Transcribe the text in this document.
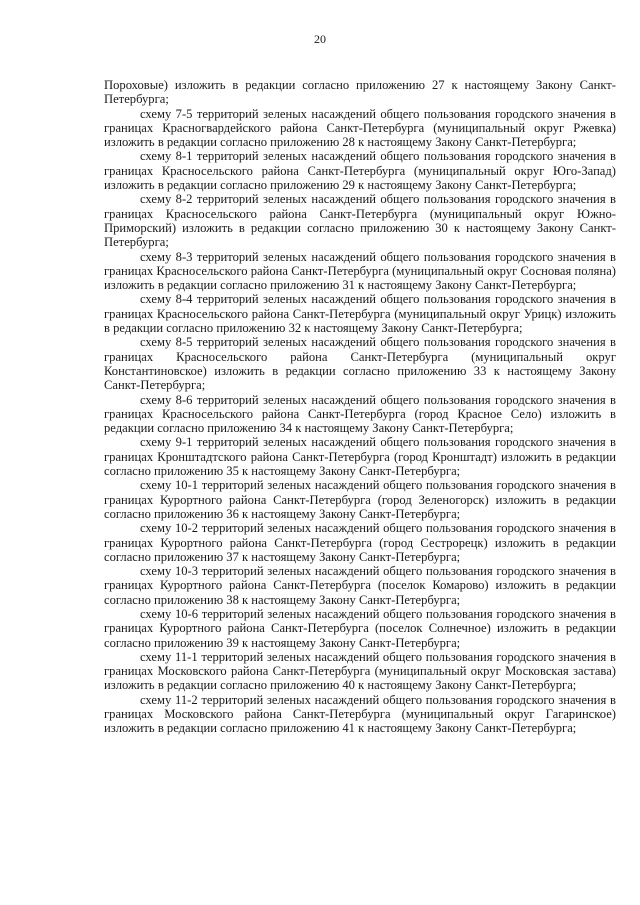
20

Пороховые) изложить в редакции согласно приложению 27 к настоящему Закону Санкт-Петербурга;

схему 7-5 территорий зеленых насаждений общего пользования городского значения в границах Красногвардейского района Санкт-Петербурга (муниципальный округ Ржевка) изложить в редакции согласно приложению 28 к настоящему Закону Санкт-Петербурга;

схему 8-1 территорий зеленых насаждений общего пользования городского значения в границах Красносельского района Санкт-Петербурга (муниципальный округ Юго-Запад) изложить в редакции согласно приложению 29 к настоящему Закону Санкт-Петербурга;

схему 8-2 территорий зеленых насаждений общего пользования городского значения в границах Красносельского района Санкт-Петербурга (муниципальный округ Южно-Приморский) изложить в редакции согласно приложению 30 к настоящему Закону Санкт-Петербурга;

схему 8-3 территорий зеленых насаждений общего пользования городского значения в границах Красносельского района Санкт-Петербурга (муниципальный округ Сосновая поляна) изложить в редакции согласно приложению 31 к настоящему Закону Санкт-Петербурга;

схему 8-4 территорий зеленых насаждений общего пользования городского значения в границах Красносельского района Санкт-Петербурга (муниципальный округ Урицк) изложить в редакции согласно приложению 32 к настоящему Закону Санкт-Петербурга;

схему 8-5 территорий зеленых насаждений общего пользования городского значения в границах Красносельского района Санкт-Петербурга (муниципальный округ Константиновское) изложить в редакции согласно приложению 33 к настоящему Закону Санкт-Петербурга;

схему 8-6 территорий зеленых насаждений общего пользования городского значения в границах Красносельского района Санкт-Петербурга (город Красное Село) изложить в редакции согласно приложению 34 к настоящему Закону Санкт-Петербурга;

схему 9-1 территорий зеленых насаждений общего пользования городского значения в границах Кронштадтского района Санкт-Петербурга (город Кронштадт) изложить в редакции согласно приложению 35 к настоящему Закону Санкт-Петербурга;

схему 10-1 территорий зеленых насаждений общего пользования городского значения в границах Курортного района Санкт-Петербурга (город Зеленогорск) изложить в редакции согласно приложению 36 к настоящему Закону Санкт-Петербурга;

схему 10-2 территорий зеленых насаждений общего пользования городского значения в границах Курортного района Санкт-Петербурга (город Сестрорецк) изложить в редакции согласно приложению 37 к настоящему Закону Санкт-Петербурга;

схему 10-3 территорий зеленых насаждений общего пользования городского значения в границах Курортного района Санкт-Петербурга (поселок Комарово) изложить в редакции согласно приложению 38 к настоящему Закону Санкт-Петербурга;

схему 10-6 территорий зеленых насаждений общего пользования городского значения в границах Курортного района Санкт-Петербурга (поселок Солнечное) изложить в редакции согласно приложению 39 к настоящему Закону Санкт-Петербурга;

схему 11-1 территорий зеленых насаждений общего пользования городского значения в границах Московского района Санкт-Петербурга (муниципальный округ Московская застава) изложить в редакции согласно приложению 40 к настоящему Закону Санкт-Петербурга;

схему 11-2 территорий зеленых насаждений общего пользования городского значения в границах Московского района Санкт-Петербурга (муниципальный округ Гагаринское) изложить в редакции согласно приложению 41 к настоящему Закону Санкт-Петербурга;
